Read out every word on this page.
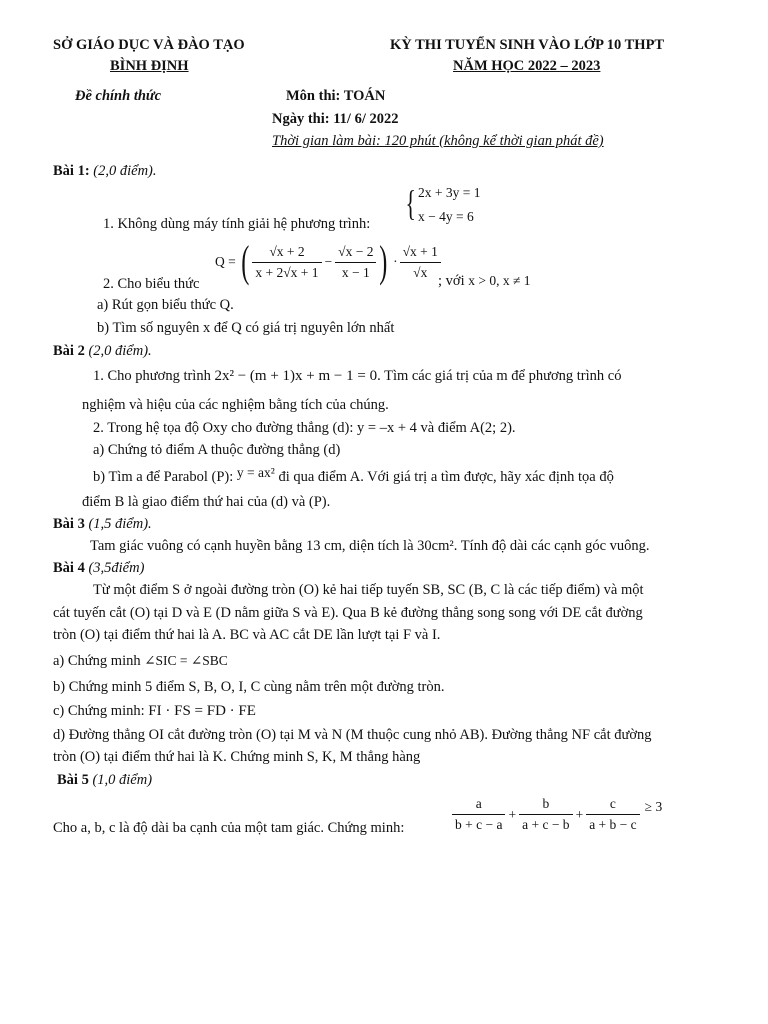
SỞ GIÁO DỤC VÀ ĐÀO TẠO
BÌNH ĐỊNH
KỲ THI TUYỂN SINH VÀO LỚP 10 THPT
NĂM HỌC 2022 – 2023
Đề chính thức	Môn thi: TOÁN
Ngày thi: 11/ 6/ 2022
Thời gian làm bài: 120 phút (không kể thời gian phát đề)
Bài 1: (2,0 điểm).
{ 2x + 3y = 1
x − 4y = 6
1. Không dùng máy tính giải hệ phương trình:
Q = ( $\frac{√x + 2}{x + 2√x + 1} - \frac{√x - 2}{x - 1}$ ) · $\frac{√x + 1}{√x}$
2. Cho biểu thức	; với x > 0, x ≠ 1
a) Rút gọn biểu thức Q.
b) Tìm số nguyên x để Q có giá trị nguyên lớn nhất
Bài 2 (2,0 điểm).
1. Cho phương trình 2x² − (m + 1)x + m − 1 = 0. Tìm các giá trị của m để phương trình có
nghiệm và hiệu của các nghiệm bằng tích của chúng.
2. Trong hệ tọa độ Oxy cho đường thẳng (d): y = –x + 4 và điểm A(2; 2).
a) Chứng tỏ điểm A thuộc đường thẳng (d)
b) Tìm a để Parabol (P): y = ax² đi qua điểm A. Với giá trị a tìm được, hãy xác định tọa độ
điểm B là giao điểm thứ hai của (d) và (P).
Bài 3 (1,5 điểm).
Tam giác vuông có cạnh huyền bằng 13 cm, diện tích là 30cm². Tính độ dài các cạnh góc vuông.
Bài 4 (3,5điểm)
Từ một điểm S ở ngoài đường tròn (O) kẻ hai tiếp tuyến SB, SC (B, C là các tiếp điểm) và một
cát tuyến cắt (O) tại D và E (D nằm giữa S và E). Qua B kẻ đường thẳng song song với DE cắt đường
tròn (O) tại điểm thứ hai là A. BC và AC cắt DE lần lượt tại F và I.
a) Chứng minh ∠SIC = ∠SBC
b) Chứng minh 5 điểm S, B, O, I, C cùng nằm trên một đường tròn.
c) Chứng minh: FI · FS = FD · FE
d) Đường thẳng OI cắt đường tròn (O) tại M và N (M thuộc cung nhỏ AB). Đường thẳng NF cắt đường
tròn (O) tại điểm thứ hai là K. Chứng minh S, K, M thẳng hàng
Bài 5 (1,0 điểm)
Cho a, b, c là độ dài ba cạnh của một tam giác. Chứng minh:	$\frac{a}{b + c - a} + \frac{b}{a + c - b} + \frac{c}{a + b - c} \ge 3$
